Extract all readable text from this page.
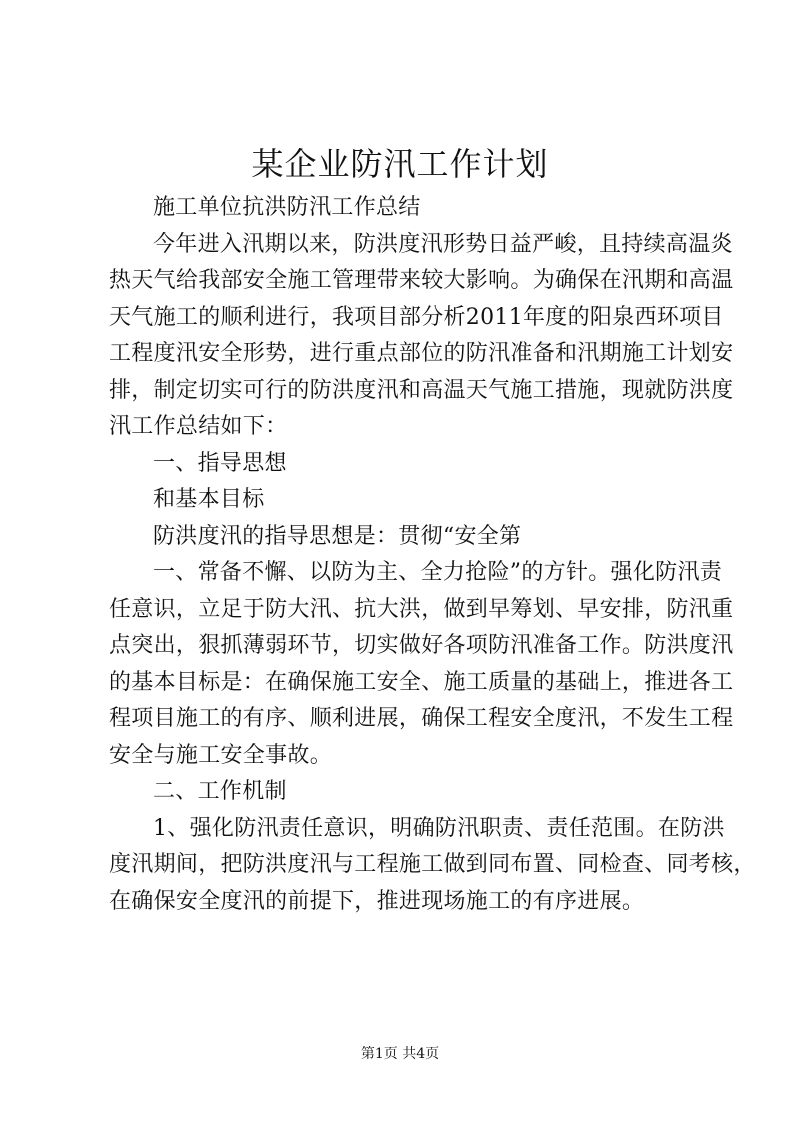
某企业防汛工作计划

施工单位抗洪防汛工作总结

今年进入汛期以来，防洪度汛形势日益严峻，且持续高温炎

热天气给我部安全施工管理带来较大影响。为确保在汛期和高温

天气施工的顺利进行，我项目部分析2011年度的阳泉西环项目

工程度汛安全形势，进行重点部位的防汛准备和汛期施工计划安

排，制定切实可行的防洪度汛和高温天气施工措施，现就防洪度

汛工作总结如下：

一、指导思想

和基本目标

防洪度汛的指导思想是：贯彻“安全第

一、常备不懈、以防为主、全力抢险”的方针。强化防汛责

任意识，立足于防大汛、抗大洪，做到早筹划、早安排，防汛重

点突出，狠抓薄弱环节，切实做好各项防汛准备工作。防洪度汛

的基本目标是：在确保施工安全、施工质量的基础上，推进各工

程项目施工的有序、顺利进展，确保工程安全度汛，不发生工程

安全与施工安全事故。

二、工作机制

1、强化防汛责任意识，明确防汛职责、责任范围。在防洪

度汛期间，把防洪度汛与工程施工做到同布置、同检查、同考核，

在确保安全度汛的前提下，推进现场施工的有序进展。

第1页 共4页
